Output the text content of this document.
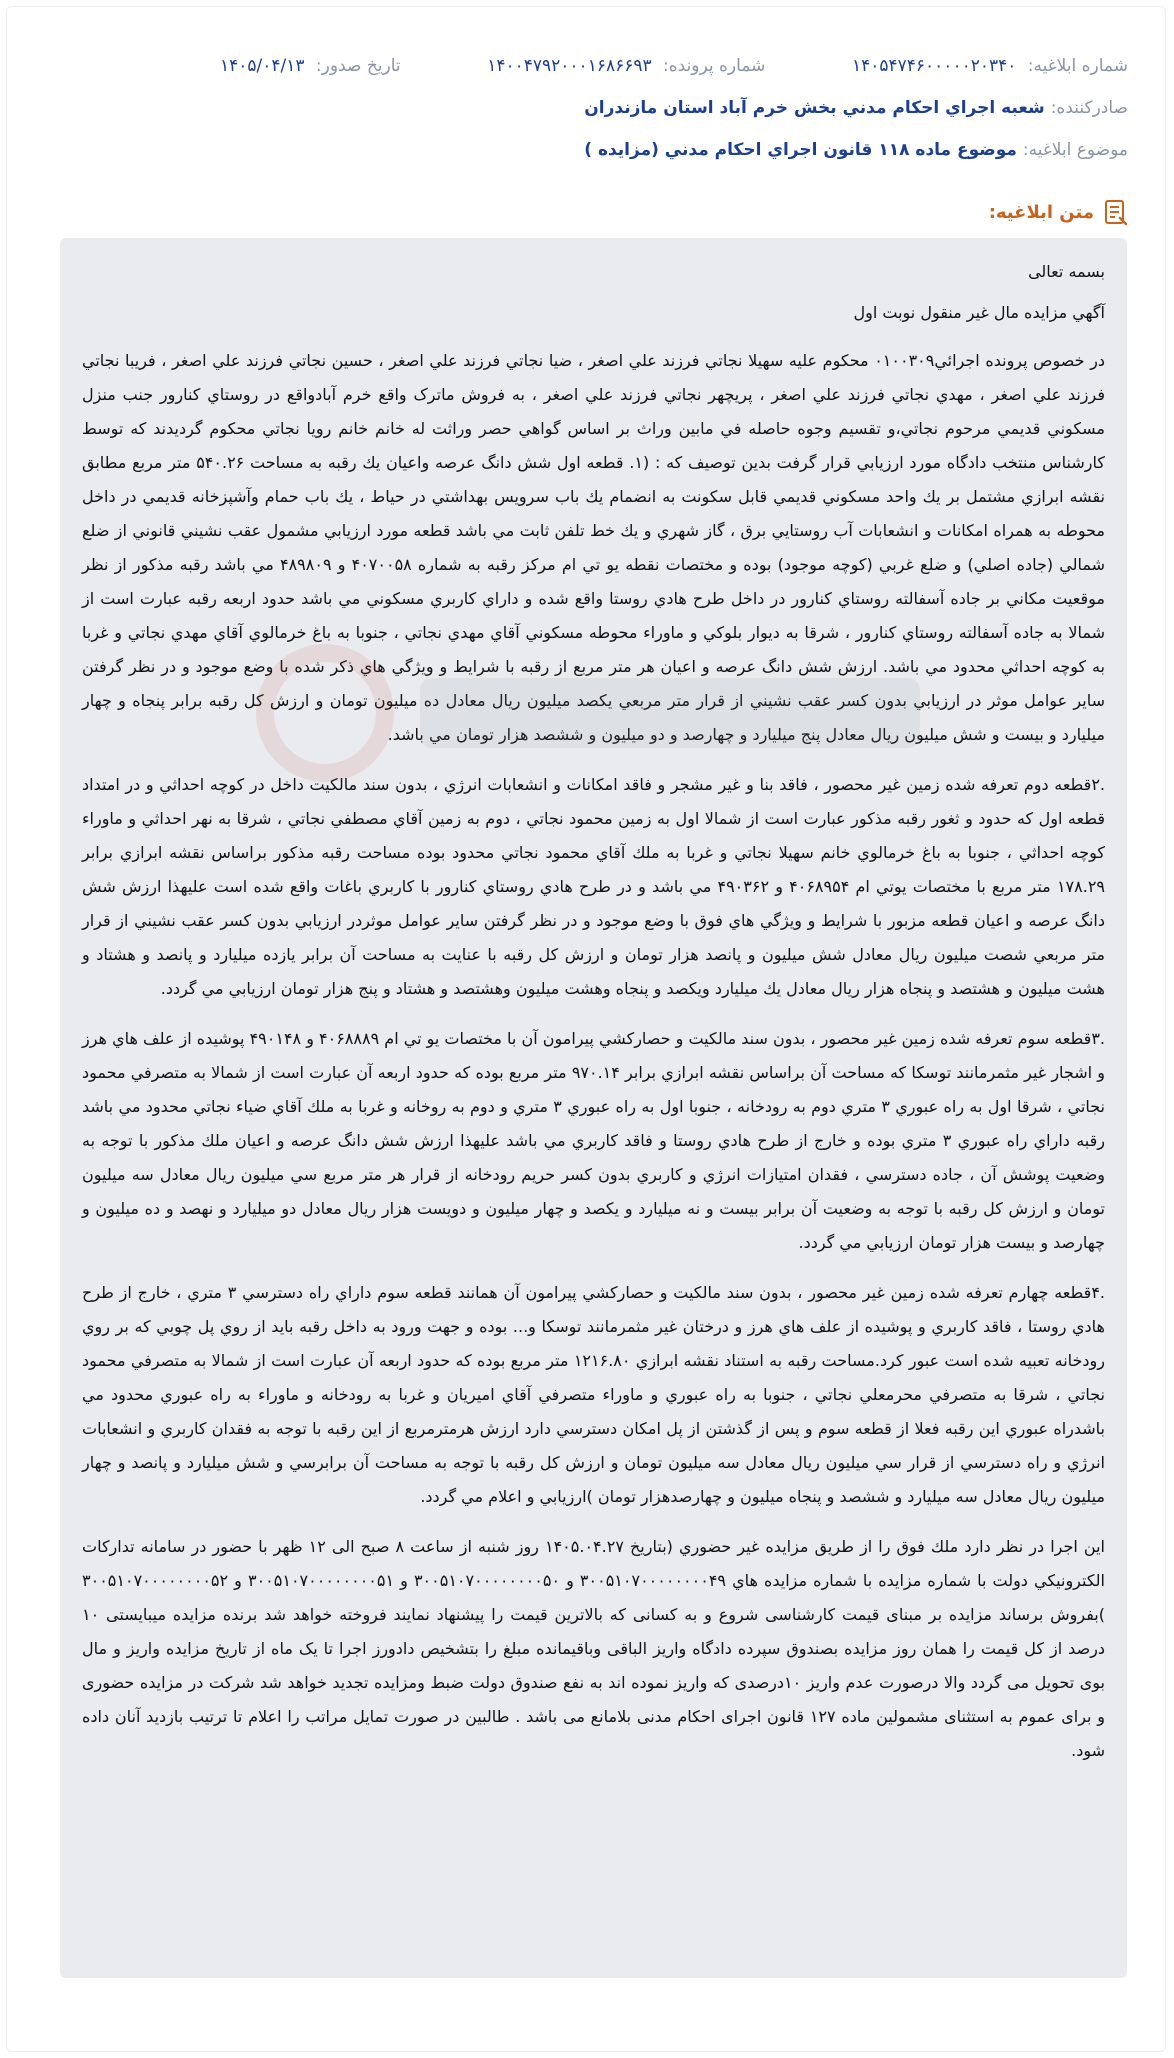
شماره ابلاغيه: ۱۴۰۵۴۷۴۶۰۰۰۰۰۲۰۳۴۰
شماره پرونده: ۱۴۰۰۴۷۹۲۰۰۰۱۶۸۶۶۹۳
تاريخ صدور: ۱۴۰۵/۰۴/۱۳
صادركننده:
شعبه اجراي احكام مدني بخش خرم آباد استان مازندران
موضوع ابلاغيه:
موضوع ماده ۱۱۸ قانون اجراي احكام مدني (مزايده )
متن ابلاغيه:

بسمه تعالی

آگهي مزايده مال غير منقول نوبت اول

در خصوص پرونده اجرائي۰۱۰۰۳۰۹ محكوم عليه سهيلا نجاتي فرزند علي اصغر ، ضيا نجاتي فرزند علي اصغر ، حسين نجاتي فرزند علي اصغر ، فريبا نجاتي فرزند علي اصغر ، مهدي نجاتي فرزند علي اصغر ، پريچهر نجاتي فرزند علي اصغر ، به فروش ماترک واقع خرم آبادواقع در روستاي كنارور جنب منزل مسكوني قديمي مرحوم نجاتي،و تقسيم وجوه حاصله في مابين وراث بر اساس گواهي حصر وراثت له خانم خانم رويا نجاتي محكوم گرديدند كه توسط كارشناس منتخب دادگاه مورد ارزيابي قرار گرفت بدين توصيف كه : (۱. قطعه اول شش دانگ عرصه واعيان يك رقبه به مساحت ۵۴۰.۲۶ متر مربع مطابق نقشه ابرازي مشتمل بر يك واحد مسكوني قديمي قابل سكونت به انضمام يك باب سرويس بهداشتي در حياط ، يك باب حمام وآشپزخانه قديمي در داخل محوطه به همراه امكانات و انشعابات آب روستايي برق ، گاز شهري و يك خط تلفن ثابت مي باشد قطعه مورد ارزيابي مشمول عقب نشيني قانوني از ضلع شمالي (جاده اصلي) و ضلع غربي (كوچه موجود) بوده و مختصات نقطه يو تي ام مركز رقبه به شماره ۴۰۷۰۰۵۸ و ۴۸۹۸۰۹ مي باشد رقبه مذكور از نظر موقعيت مكاني بر جاده آسفالته روستاي كنارور در داخل طرح هادي روستا واقع شده و داراي كاربري مسكوني مي باشد حدود اربعه رقبه عبارت است از شمالا به جاده آسفالته روستاي كنارور ، شرقا به ديوار بلوكي و ماوراء محوطه مسكوني آقاي مهدي نجاتي ، جنوبا به باغ خرمالوي آقاي مهدي نجاتي و غربا به كوچه احداثي محدود مي باشد. ارزش شش دانگ عرصه و اعيان هر متر مربع از رقبه با شرايط و ويژگي هاي ذكر شده با وضع موجود و در نظر گرفتن ساير عوامل موثر در ارزيابي بدون كسر عقب نشيني از قرار متر مربعي يكصد ميليون ريال معادل ده ميليون تومان و ارزش كل رقبه برابر پنجاه و چهار ميليارد و بيست و شش ميليون ريال معادل پنج ميليارد و چهارصد و دو ميليون و ششصد هزار تومان مي باشد.

.۲قطعه دوم تعرفه شده زمين غير محصور ، فاقد بنا و غير مشجر و فاقد امكانات و انشعابات انرژي ، بدون سند مالكيت داخل در كوچه احداثي و در امتداد قطعه اول كه حدود و ثغور رقبه مذكور عبارت است از شمالا اول به زمين محمود نجاتي ، دوم به زمين آقاي مصطفي نجاتي ، شرقا به نهر احداثي و ماوراء كوچه احداثي ، جنوبا به باغ خرمالوي خانم سهيلا نجاتي و غربا به ملك آقاي محمود نجاتي محدود بوده مساحت رقبه مذكور براساس نقشه ابرازي برابر ۱۷۸.۲۹ متر مربع با مختصات يوتي ام ۴۰۶۸۹۵۴ و ۴۹۰۳۶۲ مي باشد و در طرح هادي روستاي كنارور با كاربري باغات واقع شده است عليهذا ارزش شش دانگ عرصه و اعيان قطعه مزبور با شرايط و ويژگي هاي فوق با وضع موجود و در نظر گرفتن ساير عوامل موثردر ارزيابي بدون كسر عقب نشيني از قرار متر مربعي شصت ميليون ريال معادل شش ميليون و پانصد هزار تومان و ارزش كل رقبه با عنايت به مساحت آن برابر يازده ميليارد و پانصد و هشتاد و هشت ميليون و هشتصد و پنجاه هزار ريال معادل يك ميليارد ويكصد و پنجاه وهشت ميليون وهشتصد و هشتاد و پنج هزار تومان ارزيابي مي گردد.

.۳قطعه سوم تعرفه شده زمين غير محصور ، بدون سند مالكيت و حصاركشي پيرامون آن با مختصات يو تي ام ۴۰۶۸۸۸۹ و ۴۹۰۱۴۸ پوشيده از علف هاي هرز و اشجار غير مثمرمانند توسكا كه مساحت آن براساس نقشه ابرازي برابر ۹۷۰.۱۴ متر مربع بوده كه حدود اربعه آن عبارت است از شمالا به متصرفي محمود نجاتي ، شرقا اول به راه عبوري ۳ متري دوم به رودخانه ، جنوبا اول به راه عبوري ۳ متري و دوم به روخانه و غربا به ملك آقاي ضياء نجاتي محدود مي باشد رقبه داراي راه عبوري ۳ متري بوده و خارج از طرح هادي روستا و فاقد كاربري مي باشد عليهذا ارزش شش دانگ عرصه و اعيان ملك مذكور با توجه به وضعيت پوشش آن ، جاده دسترسي ، فقدان امتيازات انرژي و كاربري بدون كسر حريم رودخانه از قرار هر متر مربع سي ميليون ريال معادل سه ميليون تومان و ارزش كل رقبه با توجه به وضعيت آن برابر بيست و نه ميليارد و يكصد و چهار ميليون و دويست هزار ريال معادل دو ميليارد و نهصد و ده ميليون و چهارصد و بيست هزار تومان ارزيابي مي گردد.

.۴قطعه چهارم تعرفه شده زمين غير محصور ، بدون سند مالكيت و حصاركشي پيرامون آن همانند قطعه سوم داراي راه دسترسي ۳ متري ، خارج از طرح هادي روستا ، فاقد كاربري و پوشيده از علف هاي هرز و درختان غير مثمرمانند توسكا و... بوده و جهت ورود به داخل رقبه بايد از روي پل چوبي كه بر روي رودخانه تعبيه شده است عبور كرد.مساحت رقبه به استناد نقشه ابرازي ۱۲۱۶.۸۰ متر مربع بوده كه حدود اربعه آن عبارت است از شمالا به متصرفي محمود نجاتي ، شرقا به متصرفي محرمعلي نجاتي ، جنوبا به راه عبوري و ماوراء متصرفي آقاي اميريان و غربا به رودخانه و ماوراء به راه عبوري محدود مي باشدراه عبوري اين رقبه فعلا از قطعه سوم و پس از گذشتن از پل امكان دسترسي دارد ارزش هرمترمربع از اين رقبه با توجه به فقدان كاربري و انشعابات انرژي و راه دسترسي از قرار سي ميليون ريال معادل سه ميليون تومان و ارزش كل رقبه با توجه به مساحت آن برابرسي و شش ميليارد و پانصد و چهار ميليون ريال معادل سه ميليارد و ششصد و پنجاه ميليون و چهارصدهزار تومان )ارزيابي و اعلام مي گردد.

اين اجرا در نظر دارد ملك فوق را از طريق مزايده غير حضوري (بتاريخ ۱۴۰۵.۰۴.۲۷ روز شنبه از ساعت ۸ صبح الی ۱۲ ظهر با حضور در سامانه تداركات الكترونيكي دولت با شماره مزايده با شماره مزايده هاي ۳۰۰۵۱۰۷۰۰۰۰۰۰۰۰۴۹ و ۳۰۰۵۱۰۷۰۰۰۰۰۰۰۰۵۰ و ۳۰۰۵۱۰۷۰۰۰۰۰۰۰۰۵۱ و ۳۰۰۵۱۰۷۰۰۰۰۰۰۰۰۵۲ )بفروش برساند مزايده بر مبنای قيمت كارشناسی شروع و به كسانی كه بالاترين قيمت را پيشنهاد نمايند فروخته خواهد شد برنده مزايده ميبايستی ۱۰ درصد از كل قيمت را همان روز مزايده بصندوق سپرده دادگاه واريز الباقی وباقيمانده مبلغ را بتشخيص دادورز اجرا تا يک ماه از تاريخ مزايده واريز و مال بوی تحويل می گردد والا درصورت عدم واريز ۱۰درصدی كه واريز نموده اند به نفع صندوق دولت ضبط ومزايده تجديد خواهد شد شركت در مزايده حضوری و برای عموم به استثنای مشمولين ماده ۱۲۷ قانون اجرای احكام مدنی بلامانع می باشد . طالبين در صورت تمايل مراتب را اعلام تا ترتيب بازديد آنان داده شود.
